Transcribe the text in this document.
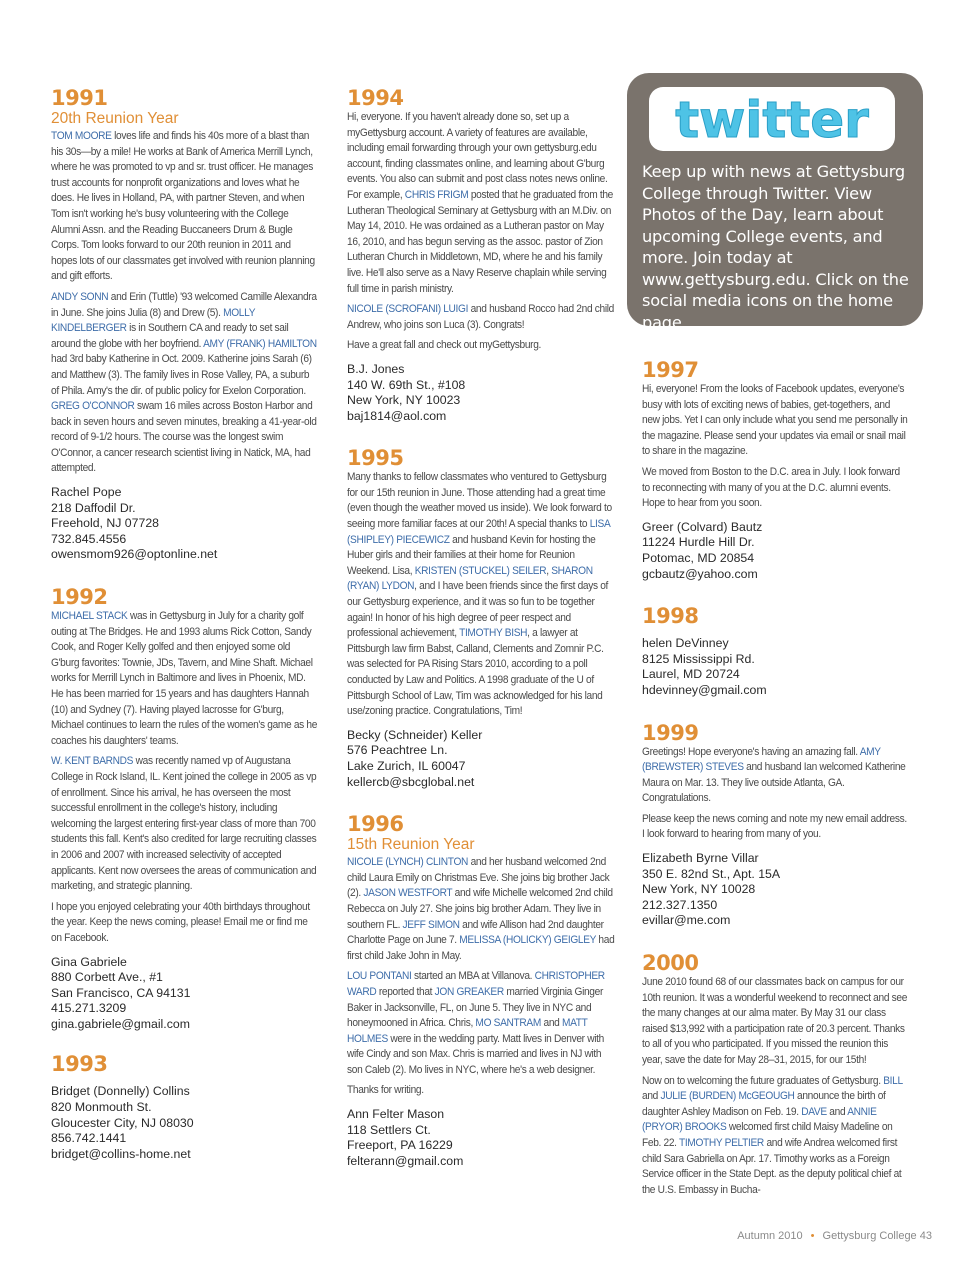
1991
20th Reunion Year

TOM MOORE loves life and finds his 40s more of a blast than his 30s—by a mile! He works at Bank of America Merrill Lynch, where he was promoted to vp and sr. trust officer. He manages trust accounts for nonprofit organizations and loves what he does. He lives in Holland, PA, with partner Steven, and when Tom isn't working he's busy volunteering with the College Alumni Assn. and the Reading Buccaneers Drum & Bugle Corps. Tom looks forward to our 20th reunion in 2011 and hopes lots of our classmates get involved with reunion planning and gift efforts.

ANDY SONN and Erin (Tuttle) '93 welcomed Camille Alexandra in June. She joins Julia (8) and Drew (5). MOLLY KINDELBERGER is in Southern CA and ready to set sail around the globe with her boyfriend. AMY (FRANK) HAMILTON had 3rd baby Katherine in Oct. 2009. Katherine joins Sarah (6) and Matthew (3). The family lives in Rose Valley, PA, a suburb of Phila. Amy's the dir. of public policy for Exelon Corporation. GREG O'CONNOR swam 16 miles across Boston Harbor and back in seven hours and seven minutes, breaking a 41-year-old record of 9-1/2 hours. The course was the longest swim O'Connor, a cancer research scientist living in Natick, MA, had attempted.

Rachel Pope
218 Daffodil Dr.
Freehold, NJ 07728
732.845.4556
owensmom926@optonline.net
1992

MICHAEL STACK was in Gettysburg in July for a charity golf outing at The Bridges. He and 1993 alums Rick Cotton, Sandy Cook, and Roger Kelly golfed and then enjoyed some old G'burg favorites: Townie, JDs, Tavern, and Mine Shaft. Michael works for Merrill Lynch in Baltimore and lives in Phoenix, MD. He has been married for 15 years and has daughters Hannah (10) and Sydney (7). Having played lacrosse for G'burg, Michael continues to learn the rules of the women's game as he coaches his daughters' teams.

W. KENT BARNDS was recently named vp of Augustana College in Rock Island, IL. Kent joined the college in 2005 as vp of enrollment. Since his arrival, he has overseen the most successful enrollment in the college's history, including welcoming the largest entering first-year class of more than 700 students this fall. Kent's also credited for large recruiting classes in 2006 and 2007 with increased selectivity of accepted applicants. Kent now oversees the areas of communication and marketing, and strategic planning.

I hope you enjoyed celebrating your 40th birthdays throughout the year. Keep the news coming, please! Email me or find me on Facebook.

Gina Gabriele
880 Corbett Ave., #1
San Francisco, CA 94131
415.271.3209
gina.gabriele@gmail.com
1993
Bridget (Donnelly) Collins
820 Monmouth St.
Gloucester City, NJ 08030
856.742.1441
bridget@collins-home.net
1994

Hi, everyone. If you haven't already done so, set up a myGettysburg account. A variety of features are available, including email forwarding through your own gettysburg.edu account, finding classmates online, and learning about G'burg events. You also can submit and post class notes news online. For example, CHRIS FRIGM posted that he graduated from the Lutheran Theological Seminary at Gettysburg with an M.Div. on May 14, 2010. He was ordained as a Lutheran pastor on May 16, 2010, and has begun serving as the assoc. pastor of Zion Lutheran Church in Middletown, MD, where he and his family live. He'll also serve as a Navy Reserve chaplain while serving full time in parish ministry.

NICOLE (SCROFANI) LUIGI and husband Rocco had 2nd child Andrew, who joins son Luca (3). Congrats!

Have a great fall and check out myGettysburg.

B.J. Jones
140 W. 69th St., #108
New York, NY 10023
baj1814@aol.com
1995

Many thanks to fellow classmates who ventured to Gettysburg for our 15th reunion in June. Those attending had a great time (even though the weather moved us inside). We look forward to seeing more familiar faces at our 20th! A special thanks to LISA (SHIPLEY) PIECEWICZ and husband Kevin for hosting the Huber girls and their families at their home for Reunion Weekend. Lisa, KRISTEN (STUCKEL) SEILER, SHARON (RYAN) LYDON, and I have been friends since the first days of our Gettysburg experience, and it was so fun to be together again! In honor of his high degree of peer respect and professional achievement, TIMOTHY BISH, a lawyer at Pittsburgh law firm Babst, Calland, Clements and Zomnir P.C. was selected for PA Rising Stars 2010, according to a poll conducted by Law and Politics. A 1998 graduate of the U of Pittsburgh School of Law, Tim was acknowledged for his land use/zoning practice. Congratulations, Tim!

Becky (Schneider) Keller
576 Peachtree Ln.
Lake Zurich, IL 60047
kellercb@sbcglobal.net
1996
15th Reunion Year

NICOLE (LYNCH) CLINTON and her husband welcomed 2nd child Laura Emily on Christmas Eve. She joins big brother Jack (2). JASON WESTFORT and wife Michelle welcomed 2nd child Rebecca on July 27. She joins big brother Adam. They live in southern FL. JEFF SIMON and wife Allison had 2nd daughter Charlotte Page on June 7. MELISSA (HOLICKY) GEIGLEY had first child Jake John in May.

LOU PONTANI started an MBA at Villanova. CHRISTOPHER WARD reported that JON GREAKER married Virginia Ginger Baker in Jacksonville, FL, on June 5. They live in NYC and honeymooned in Africa. Chris, MO SANTRAM and MATT HOLMES were in the wedding party. Matt lives in Denver with wife Cindy and son Max. Chris is married and lives in NJ with son Caleb (2). Mo lives in NYC, where he's a web designer.

Thanks for writing.

Ann Felter Mason
118 Settlers Ct.
Freeport, PA 16229
felterann@gmail.com
twitter
Keep up with news at Gettysburg College through Twitter. View Photos of the Day, learn about upcoming College events, and more. Join today at www.gettysburg.edu. Click on the social media icons on the home page.
1997

Hi, everyone! From the looks of Facebook updates, everyone's busy with lots of exciting news of babies, get-togethers, and new jobs. Yet I can only include what you send me personally in the magazine. Please send your updates via email or snail mail to share in the magazine.

We moved from Boston to the D.C. area in July. I look forward to reconnecting with many of you at the D.C. alumni events. Hope to hear from you soon.

Greer (Colvard) Bautz
11224 Hurdle Hill Dr.
Potomac, MD 20854
gcbautz@yahoo.com
1998
helen DeVinney
8125 Mississippi Rd.
Laurel, MD 20724
hdevinney@gmail.com
1999

Greetings! Hope everyone's having an amazing fall. AMY (BREWSTER) STEVES and husband Ian welcomed Katherine Maura on Mar. 13. They live outside Atlanta, GA. Congratulations.

Please keep the news coming and note my new email address. I look forward to hearing from many of you.

Elizabeth Byrne Villar
350 E. 82nd St., Apt. 15A
New York, NY 10028
212.327.1350
evillar@me.com
2000

June 2010 found 68 of our classmates back on campus for our 10th reunion. It was a wonderful weekend to reconnect and see the many changes at our alma mater. By May 31 our class raised $13,992 with a participation rate of 20.3 percent. Thanks to all of you who participated. If you missed the reunion this year, save the date for May 28–31, 2015, for our 15th!

Now on to welcoming the future graduates of Gettysburg. BILL and JULIE (BURDEN) McGEOUGH announce the birth of daughter Ashley Madison on Feb. 19. DAVE and ANNIE (PRYOR) BROOKS welcomed first child Maisy Madeline on Feb. 22. TIMOTHY PELTIER and wife Andrea welcomed first child Sara Gabriella on Apr. 17. Timothy works as a Foreign Service officer in the State Dept. as the deputy political chief at the U.S. Embassy in Bucha-

Autumn 2010 • Gettysburg College 43
